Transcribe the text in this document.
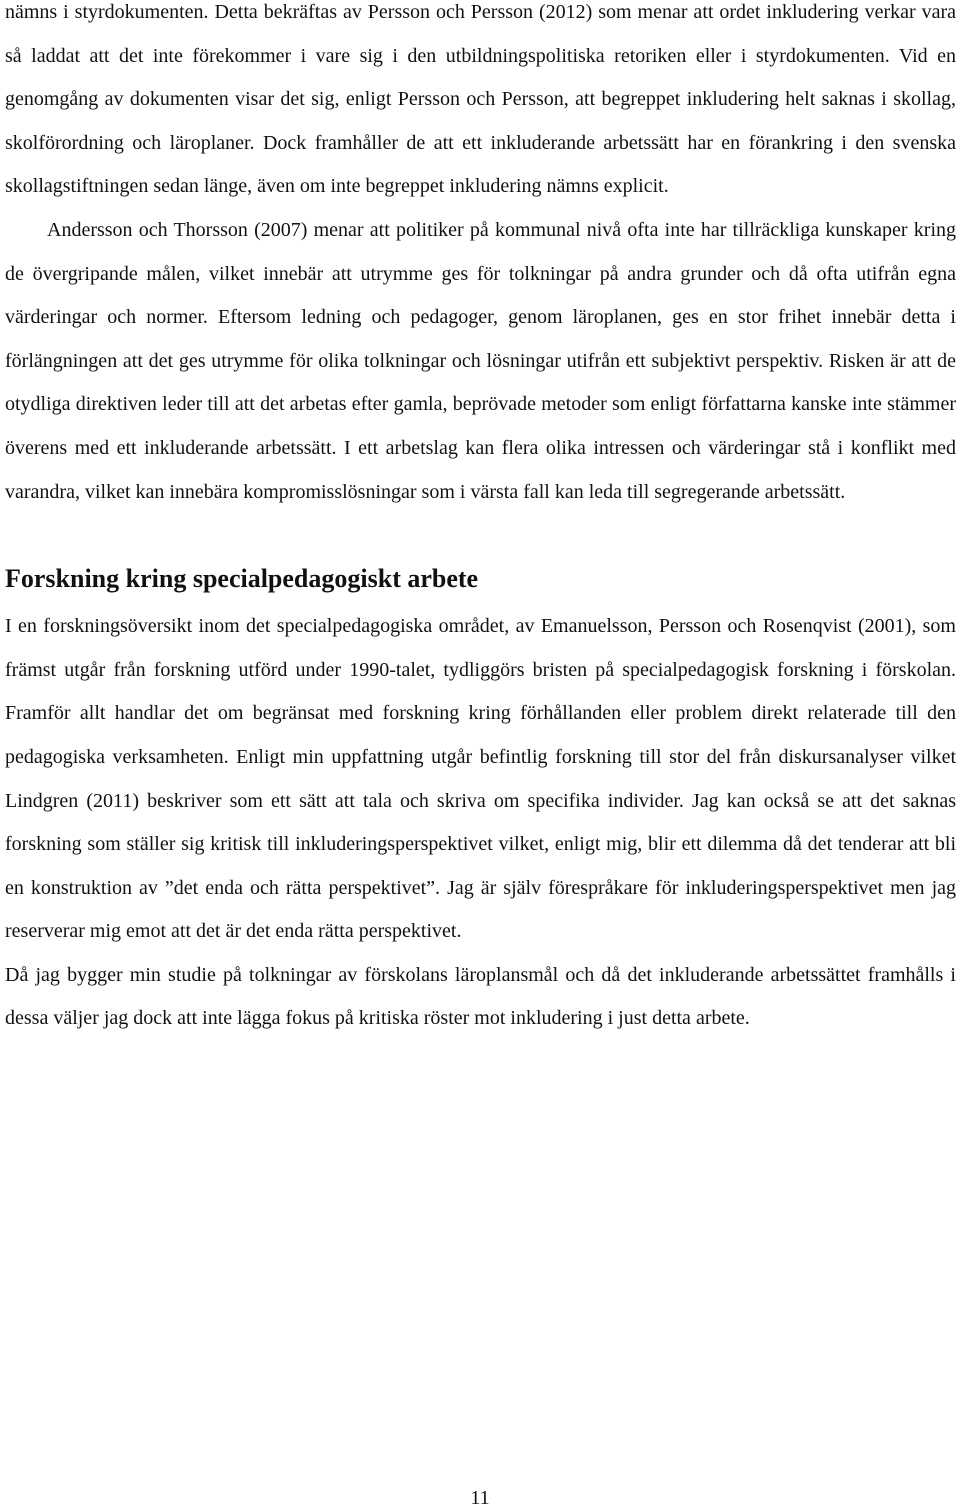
nämns i styrdokumenten. Detta bekräftas av Persson och Persson (2012) som menar att ordet inkludering verkar vara så laddat att det inte förekommer i vare sig i den utbildningspolitiska retoriken eller i styrdokumenten. Vid en genomgång av dokumenten visar det sig, enligt Persson och Persson, att begreppet inkludering helt saknas i skollag, skolförordning och läroplaner. Dock framhåller de att ett inkluderande arbetssätt har en förankring i den svenska skollagstiftningen sedan länge, även om inte begreppet inkludering nämns explicit.

Andersson och Thorsson (2007) menar att politiker på kommunal nivå ofta inte har tillräckliga kunskaper kring de övergripande målen, vilket innebär att utrymme ges för tolkningar på andra grunder och då ofta utifrån egna värderingar och normer. Eftersom ledning och pedagoger, genom läroplanen, ges en stor frihet innebär detta i förlängningen att det ges utrymme för olika tolkningar och lösningar utifrån ett subjektivt perspektiv. Risken är att de otydliga direktiven leder till att det arbetas efter gamla, beprövade metoder som enligt författarna kanske inte stämmer överens med ett inkluderande arbetssätt. I ett arbetslag kan flera olika intressen och värderingar stå i konflikt med varandra, vilket kan innebära kompromisslösningar som i värsta fall kan leda till segregerande arbetssätt.

Forskning kring specialpedagogiskt arbete

I en forskningsöversikt inom det specialpedagogiska området, av Emanuelsson, Persson och Rosenqvist (2001), som främst utgår från forskning utförd under 1990-talet, tydliggörs bristen på specialpedagogisk forskning i förskolan. Framför allt handlar det om begränsat med forskning kring förhållanden eller problem direkt relaterade till den pedagogiska verksamheten. Enligt min uppfattning utgår befintlig forskning till stor del från diskursanalyser vilket Lindgren (2011) beskriver som ett sätt att tala och skriva om specifika individer. Jag kan också se att det saknas forskning som ställer sig kritisk till inkluderingsperspektivet vilket, enligt mig, blir ett dilemma då det tenderar att bli en konstruktion av ”det enda och rätta perspektivet”. Jag är själv förespråkare för inkluderingsperspektivet men jag reserverar mig emot att det är det enda rätta perspektivet.

Då jag bygger min studie på tolkningar av förskolans läroplansmål och då det inkluderande arbetssättet framhålls i dessa väljer jag dock att inte lägga fokus på kritiska röster mot inkludering i just detta arbete.

11
